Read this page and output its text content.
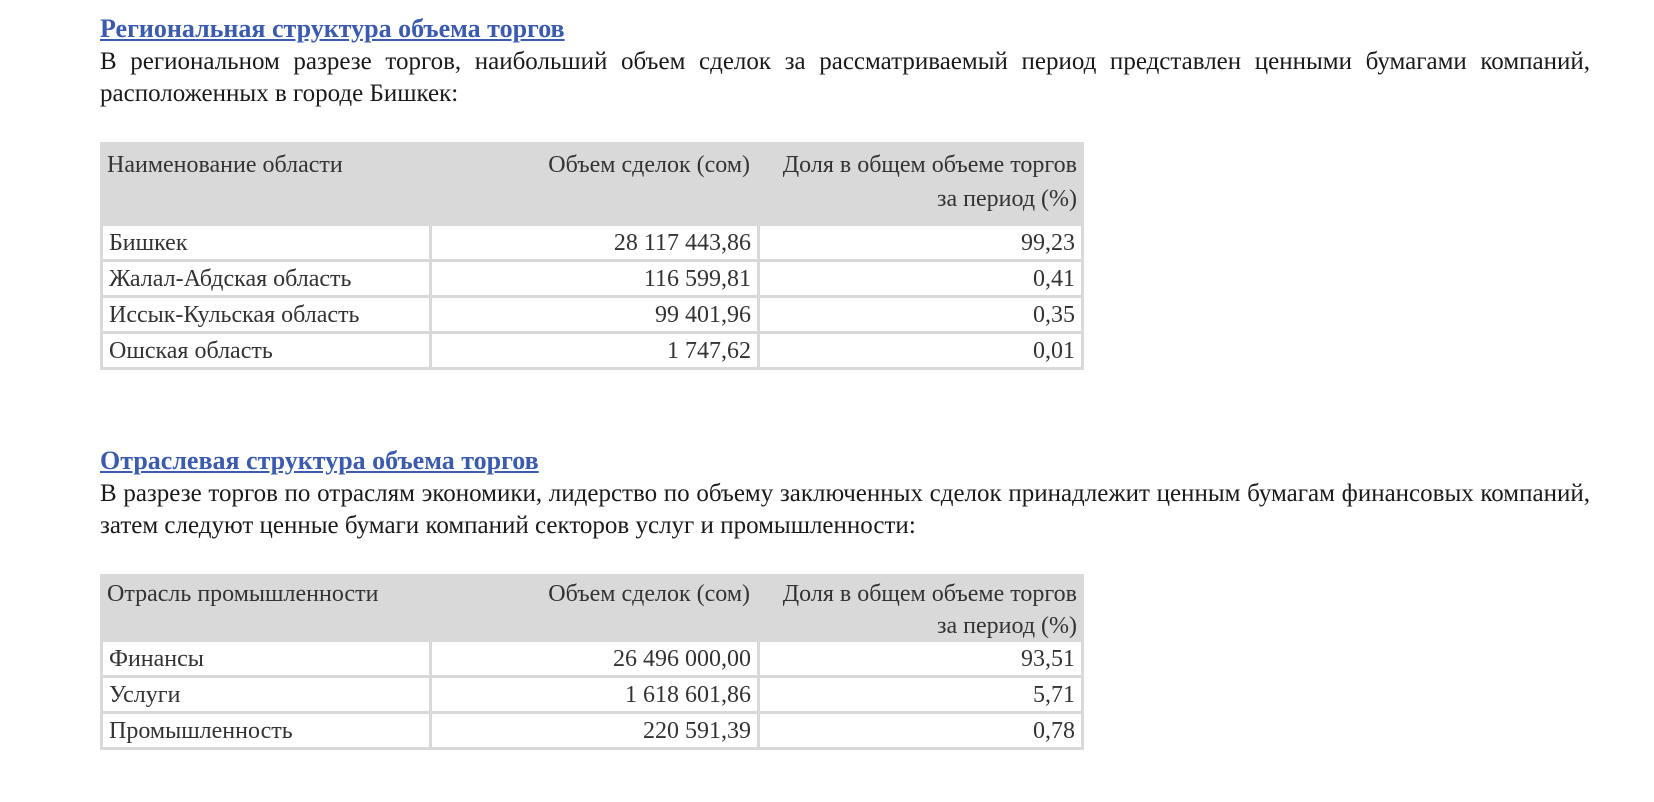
Региональная структура объема торгов

В региональном разрезе торгов, наибольший объем сделок за рассматриваемый период представлен ценными бумагами компаний, расположенных в городе Бишкек:

Наименование области	Объем сделок (сом)	Доля в общем объеме торгов за период (%)
Бишкек	28 117 443,86	99,23
Жалал-Абдская область	116 599,81	0,41
Иссык-Кульская область	99 401,96	0,35
Ошская область	1 747,62	0,01
Отраслевая структура объема торгов

В разрезе торгов по отраслям экономики, лидерство по объему заключенных сделок принадлежит ценным бумагам финансовых компаний, затем следуют ценные бумаги компаний секторов услуг и промышленности:

Отрасль промышленности	Объем сделок (сом)	Доля в общем объеме торгов за период (%)
Финансы	26 496 000,00	93,51
Услуги	1 618 601,86	5,71
Промышленность	220 591,39	0,78
